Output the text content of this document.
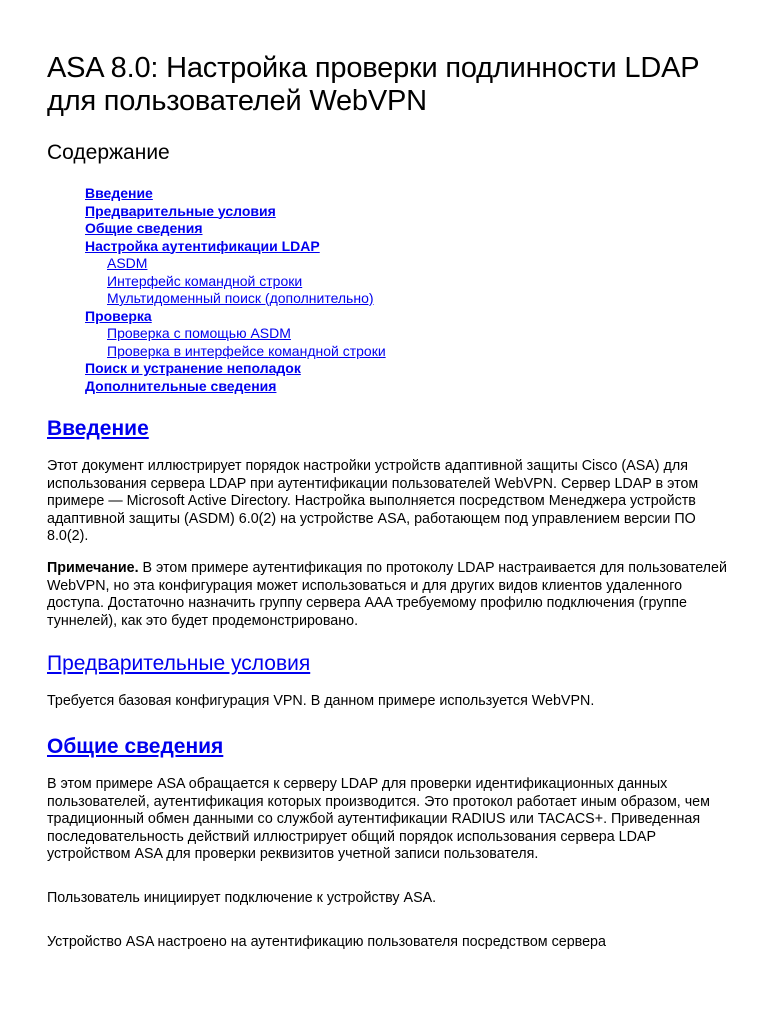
ASA 8.0: Настройка проверки подлинности LDAP для пользователей WebVPN
Содержание
Введение
Предварительные условия
Общие сведения
Настройка аутентификации LDAP
ASDM
Интерфейс командной строки
Мультидоменный поиск (дополнительно)
Проверка
Проверка с помощью ASDM
Проверка в интерфейсе командной строки
Поиск и устранение неполадок
Дополнительные сведения
Введение

Этот документ иллюстрирует порядок настройки устройств адаптивной защиты Cisco (ASA) для использования сервера LDAP при аутентификации пользователей WebVPN. Сервер LDAP в этом примере — Microsoft Active Directory. Настройка выполняется посредством Менеджера устройств адаптивной защиты (ASDM) 6.0(2) на устройстве ASA, работающем под управлением версии ПО 8.0(2).

Примечание. В этом примере аутентификация по протоколу LDAP настраивается для пользователей WebVPN, но эта конфигурация может использоваться и для других видов клиентов удаленного доступа. Достаточно назначить группу сервера AAA требуемому профилю подключения (группе туннелей), как это будет продемонстрировано.

Предварительные условия

Требуется базовая конфигурация VPN. В данном примере используется WebVPN.

Общие сведения

В этом примере ASA обращается к серверу LDAP для проверки идентификационных данных пользователей, аутентификация которых производится. Это протокол работает иным образом, чем традиционный обмен данными со службой аутентификации RADIUS или TACACS+. Приведенная последовательность действий иллюстрирует общий порядок использования сервера LDAP устройством ASA для проверки реквизитов учетной записи пользователя.

Пользователь инициирует подключение к устройству ASA.

Устройство ASA настроено на аутентификацию пользователя посредством сервера
